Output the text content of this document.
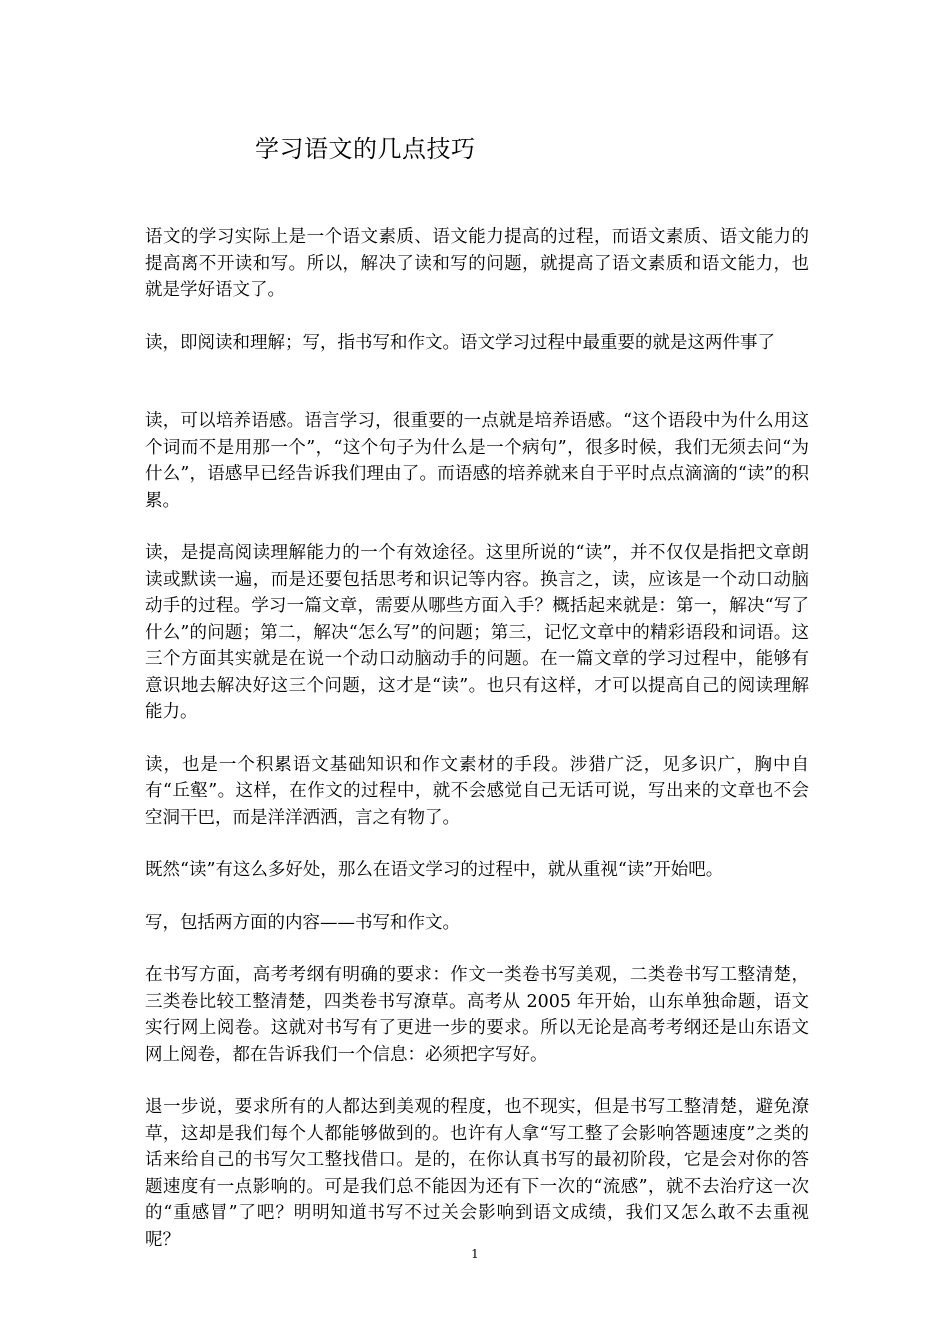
学习语文的几点技巧

语文的学习实际上是一个语文素质、语文能力提高的过程，而语文素质、语文能力的提高离不开读和写。所以，解决了读和写的问题，就提高了语文素质和语文能力，也就是学好语文了。

读，即阅读和理解；写，指书写和作文。语文学习过程中最重要的就是这两件事了

读，可以培养语感。语言学习，很重要的一点就是培养语感。“这个语段中为什么用这个词而不是用那一个”，“这个句子为什么是一个病句”，很多时候，我们无须去问“为什么”，语感早已经告诉我们理由了。而语感的培养就来自于平时点点滴滴的“读”的积累。

读，是提高阅读理解能力的一个有效途径。这里所说的“读”，并不仅仅是指把文章朗读或默读一遍，而是还要包括思考和识记等内容。换言之，读，应该是一个动口动脑动手的过程。学习一篇文章，需要从哪些方面入手？概括起来就是：第一，解决“写了什么”的问题；第二，解决“怎么写”的问题；第三，记忆文章中的精彩语段和词语。这三个方面其实就是在说一个动口动脑动手的问题。在一篇文章的学习过程中，能够有意识地去解决好这三个问题，这才是“读”。也只有这样，才可以提高自己的阅读理解能力。

读，也是一个积累语文基础知识和作文素材的手段。涉猎广泛，见多识广，胸中自有“丘壑”。这样，在作文的过程中，就不会感觉自己无话可说，写出来的文章也不会空洞干巴，而是洋洋洒洒，言之有物了。

既然“读”有这么多好处，那么在语文学习的过程中，就从重视“读”开始吧。

写，包括两方面的内容——书写和作文。

在书写方面，高考考纲有明确的要求：作文一类卷书写美观，二类卷书写工整清楚，三类卷比较工整清楚，四类卷书写潦草。高考从 2005 年开始，山东单独命题，语文实行网上阅卷。这就对书写有了更进一步的要求。所以无论是高考考纲还是山东语文网上阅卷，都在告诉我们一个信息：必须把字写好。

退一步说，要求所有的人都达到美观的程度，也不现实，但是书写工整清楚，避免潦草，这却是我们每个人都能够做到的。也许有人拿“写工整了会影响答题速度”之类的话来给自己的书写欠工整找借口。是的，在你认真书写的最初阶段，它是会对你的答题速度有一点影响的。可是我们总不能因为还有下一次的“流感”，就不去治疗这一次的“重感冒”了吧？明明知道书写不过关会影响到语文成绩，我们又怎么敢不去重视呢？

1
